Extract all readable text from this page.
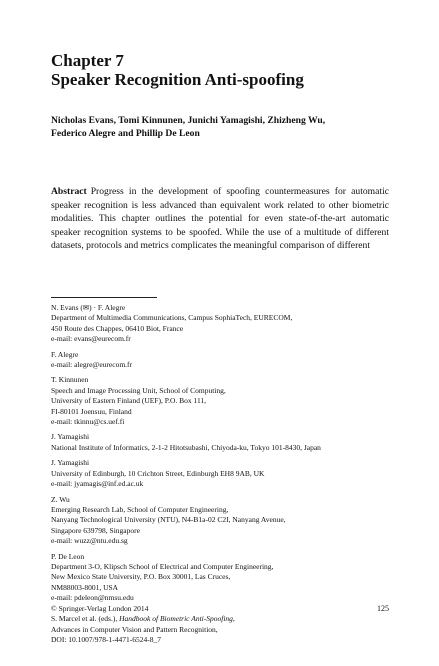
Chapter 7
Speaker Recognition Anti-spoofing
Nicholas Evans, Tomi Kinnunen, Junichi Yamagishi, Zhizheng Wu,
Federico Alegre and Phillip De Leon
Abstract Progress in the development of spoofing countermeasures for automatic speaker recognition is less advanced than equivalent work related to other biometric modalities. This chapter outlines the potential for even state-of-the-art automatic speaker recognition systems to be spoofed. While the use of a multitude of different datasets, protocols and metrics complicates the meaningful comparison of different
N. Evans (✉) · F. Alegre
Department of Multimedia Communications, Campus SophiaTech, EURECOM,
450 Route des Chappes, 06410 Biot, France
e-mail: evans@eurecom.fr
F. Alegre
e-mail: alegre@eurecom.fr
T. Kinnunen
Speech and Image Processing Unit, School of Computing,
University of Eastern Finland (UEF), P.O. Box 111,
FI-80101 Joensuu, Finland
e-mail: tkinnu@cs.uef.fi
J. Yamagishi
National Institute of Informatics, 2-1-2 Hitotsubashi, Chiyoda-ku, Tokyo 101-8430, Japan
J. Yamagishi
University of Edinburgh, 10 Crichton Street, Edinburgh EH8 9AB, UK
e-mail: jyamagis@inf.ed.ac.uk
Z. Wu
Emerging Research Lab, School of Computer Engineering,
Nanyang Technological University (NTU), N4-B1a-02 C2I, Nanyang Avenue,
Singapore 639798, Singapore
e-mail: wuzz@ntu.edu.sg
P. De Leon
Department 3-O, Klipsch School of Electrical and Computer Engineering,
New Mexico State University, P.O. Box 30001, Las Cruces,
NM88003-8001, USA
e-mail: pdeleon@nmsu.edu
© Springer-Verlag London 2014
S. Marcel et al. (eds.), Handbook of Biometric Anti-Spoofing,
Advances in Computer Vision and Pattern Recognition,
DOI: 10.1007/978-1-4471-6524-8_7
125
